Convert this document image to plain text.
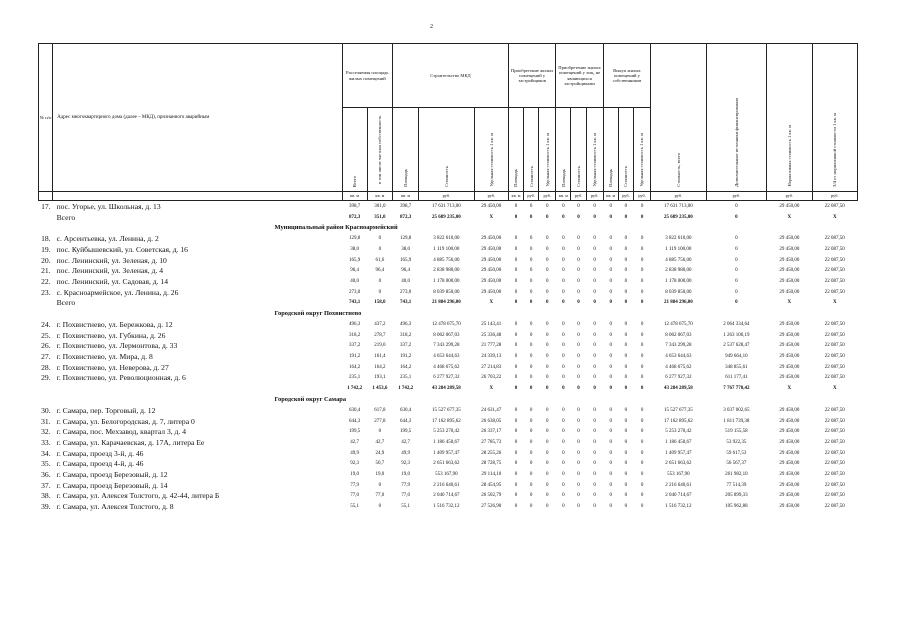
2
№ п/п	Адрес многоквартирного дома (далее – МКД), признанного аварийным	Расселяемая площадь жилых помещений		Строительство МКД			Приобретение жилых помещений у застройщиков			Приобретение жилых помещений у лиц, не являющихся застройщиками			Выкуп жилых помещений у собственников			Стоимость, всего	Дополнительные источники финансирования	Нормативная стоимость 1 кв. м	3/4 от нормативной стоимости 1 кв. м
		Всего	в том числе частная собственность	Площадь	Стоимость	Удельная стоимость 1 кв. м	Площадь	Стоимость	Удельная стоимость 1 кв. м	Площадь	Стоимость	Удельная стоимость 1 кв. м	Площадь	Стоимость	Удельная стоимость 1 кв. м				
		кв. м	кв. м	кв. м	руб.	руб.	кв. м	руб.	руб.	кв. м	руб.	руб.	кв. м	руб.	руб.	руб.	руб.	руб.	руб.
17.	пос. Угорье, ул. Школьная, д. 13	398,7	301,0	398,7	17 631 713,00	29 450,00	0	0	0	0	0	0	0	0	0	17 631 713,00	0	29 450,00	22 087,50
	Всего	872,3	351,0	872,3	25 689 235,00	X	0	0	0	0	0	0	0	0	0	25 689 235,00	0	X	X
Муниципальный район Красноармейский																			
18.	с. Арсентьевка, ул. Ленина, д. 2	129,8	0	129,8	3 822 610,00	29 450,00	0	0	0	0	0	0	0	0	0	3 822 610,00	0	29 450,00	22 087,50
19.	пос. Куйбышевский, ул. Советская, д. 16	38,0	0	38,0	1 119 100,00	29 450,00	0	0	0	0	0	0	0	0	0	1 119 100,00	0	29 450,00	22 087,50
20.	пос. Ленинский, ул. Зеленая, д. 10	165,9	61,6	165,9	4 885 756,00	29 450,00	0	0	0	0	0	0	0	0	0	4 885 756,00	0	29 450,00	22 087,50
21.	пос. Ленинский, ул. Зеленая, д. 4	96,4	96,4	96,4	2 838 980,00	29 450,00	0	0	0	0	0	0	0	0	0	2 838 980,00	0	29 450,00	22 087,50
22.	пос. Ленинский, ул. Садовая, д. 14	40,0	0	40,0	1 178 000,00	29 450,00	0	0	0	0	0	0	0	0	0	1 178 000,00	0	29 450,00	22 087,50
23.	с. Красноармейское, ул. Ленина, д. 26	273,0	0	273,0	8 039 850,00	29 450,00	0	0	0	0	0	0	0	0	0	8 039 850,00	0	29 450,00	22 087,50
	Всего	743,1	158,0	743,1	21 884 296,00	X	0	0	0	0	0	0	0	0	0	21 884 296,00	0	X	X
Городской округ Похвистнево																			
24.	г. Похвистнево, ул. Бережкова, д. 12	496,3	437,2	496,3	12 478 675,70	25 143,41	0	0	0	0	0	0	0	0	0	12 478 675,70	2 064 334,64	29 450,00	22 087,50
25.	г. Похвистнево, ул. Губкина, д. 26	318,2	278,7	318,2	8 062 067,03	25 336,48	0	0	0	0	0	0	0	0	0	8 062 067,03	1 263 106,19	29 450,00	22 087,50
26.	г. Похвистнево, ул. Лермонтова, д. 33	337,2	219,0	337,2	7 343 299,28	21 777,28	0	0	0	0	0	0	0	0	0	7 343 299,28	2 537 628,47	29 450,00	22 087,50
27.	г. Похвистнево, ул. Мира, д. 8	191,2	161,4	191,2	4 653 644,63	24 339,13	0	0	0	0	0	0	0	0	0	4 653 644,63	949 664,10	29 450,00	22 087,50
28.	г. Похвистнево, ул. Неверова, д. 27	164,2	164,2	164,2	4 468 675,62	27 214,83	0	0	0	0	0	0	0	0	0	4 468 675,62	348 855,61	29 450,00	22 087,50
29.	г. Похвистнево, ул. Революционная, д. 6	235,1	193,1	235,1	6 277 927,32	26 703,22	0	0	0	0	0	0	0	0	0	6 277 927,32	611 177,41	29 450,00	22 087,50
		1 742,2	1 453,6	1 742,2	43 284 289,58	X	0	0	0	0	0	0	0	0	0	43 284 289,58	7 767 770,42	X	X
Городской округ Самара																			
30.	г. Самара, пер. Торговый, д. 12	630,4	617,8	630,4	15 527 677,35	24 631,47	0	0	0	0	0	0	0	0	0	15 527 677,35	3 037 002,65	29 450,00	22 087,50
31.	г. Самара, ул. Белогородская, д. 7, литера 0	644,3	277,8	644,3	17 162 895,62	26 638,05	0	0	0	0	0	0	0	0	0	17 162 895,62	1 811 739,38	29 450,00	22 087,50
32.	г. Самара, пос. Мехзавод, квартал 3, д. 4	199,5	0	199,5	5 253 270,42	26 337,17	0	0	0	0	0	0	0	0	0	5 253 270,42	519 155,58	29 450,00	22 087,50
33.	г. Самара, ул. Карачаевская, д. 17А, литера Ее	42,7	42,7	42,7	1 186 450,67	27 785,73	0	0	0	0	0	0	0	0	0	1 186 450,67	53 922,35	29 450,00	22 087,50
34.	г. Самара, проезд 3-й, д. 46	49,9	24,9	49,9	1 409 957,47	28 255,26	0	0	0	0	0	0	0	0	0	1 409 957,47	59 617,53	29 450,00	22 087,50
35.	г. Самара, проезд 4-й, д. 46	92,3	50,7	92,3	2 651 663,62	28 728,75	0	0	0	0	0	0	0	0	0	2 651 663,62	56 567,37	29 450,00	22 087,50
36.	г. Самара, проезд Березовый, д. 12	19,0	19,0	19,0	553 167,90	29 114,10	0	0	0	0	0	0	0	0	0	553 167,90	261 982,10	29 450,00	22 087,50
37.	г. Самара, проезд Березовый, д. 14	77,9	0	77,9	2 216 640,61	28 454,95	0	0	0	0	0	0	0	0	0	2 216 640,61	77 514,39	29 450,00	22 087,50
38.	г. Самара, ул. Алексея Толстого, д. 42-44, литера Б	77,0	77,0	77,0	2 040 714,67	26 502,79	0	0	0	0	0	0	0	0	0	2 040 714,67	205 899,33	29 450,00	22 087,50
39.	г. Самара, ул. Алексея Толстого, д. 8	55,1	0	55,1	1 516 732,12	27 526,90	0	0	0	0	0	0	0	0	0	1 516 732,12	105 962,88	29 450,00	22 087,50
